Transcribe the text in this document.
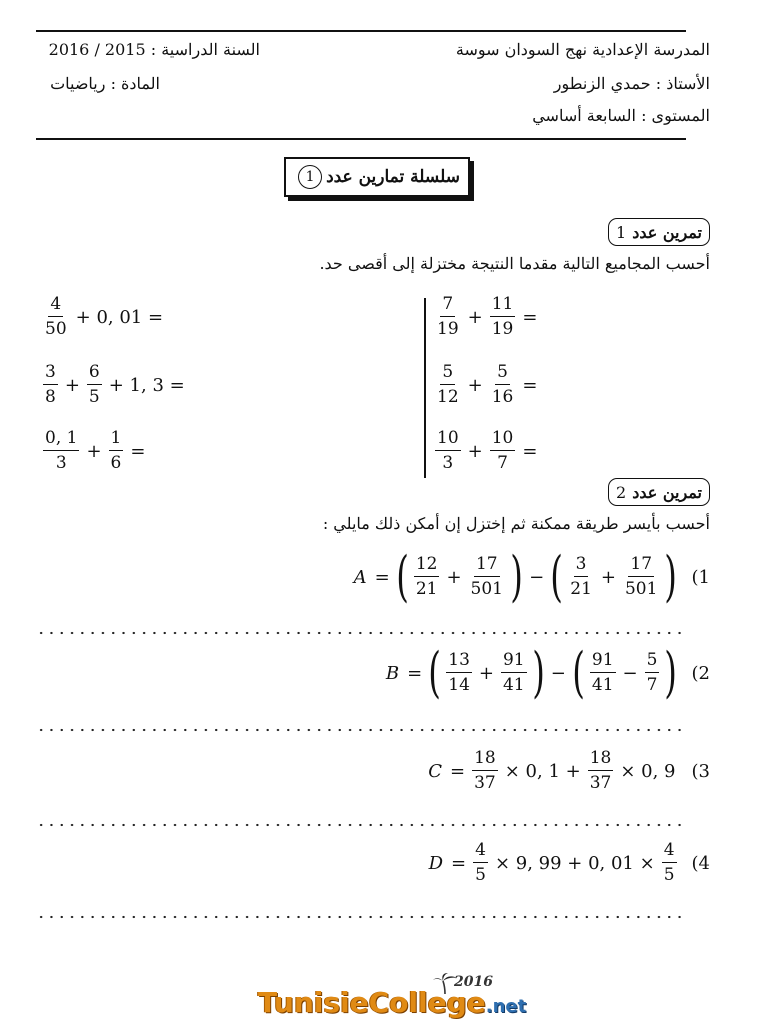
المدرسة الإعدادية نهج السودان سوسة
السنة الدراسية : 2015 / 2016
الأستاذ : حمدي الزنطور
المادة : رياضيات
المستوى : السابعة أساسي
سلسلة تمارين عدد
1
تمرين عدد
1
أحسب المجاميع التالية مقدما النتيجة مختزلة إلى أقصى حد.
$\frac{4}{50} + 0$, 01 =
$\frac{3}{8} + \frac{6}{5} + 1$, 3 =
$\frac{0, 1}{3} + \frac{1}{6}$ =
$\frac{7}{19} + \frac{11}{19}$ =
$\frac{5}{12} + \frac{5}{16}$ =
$\frac{10}{3} + \frac{10}{7}$ =
تمرين عدد
2
أحسب بأيسر طريقة ممكنة ثم إختزل إن أمكن ذلك مايلي :
A = ( $\frac{12}{21} + \frac{17}{501}$ ) − ( $\frac{3}{21} + \frac{17}{501}$ ) (1
B = ( $\frac{13}{14} + \frac{91}{41}$ ) − ( $\frac{91}{41} - \frac{5}{7}$ ) (2
$C = \frac{18}{37} \times 0$, $1 + \frac{18}{37} \times 0$, 9 (3
$D = \frac{4}{5} \times 9$, 99 + 0, $01 \times \frac{4}{5} (4$
2016
TunisieCollege.net
